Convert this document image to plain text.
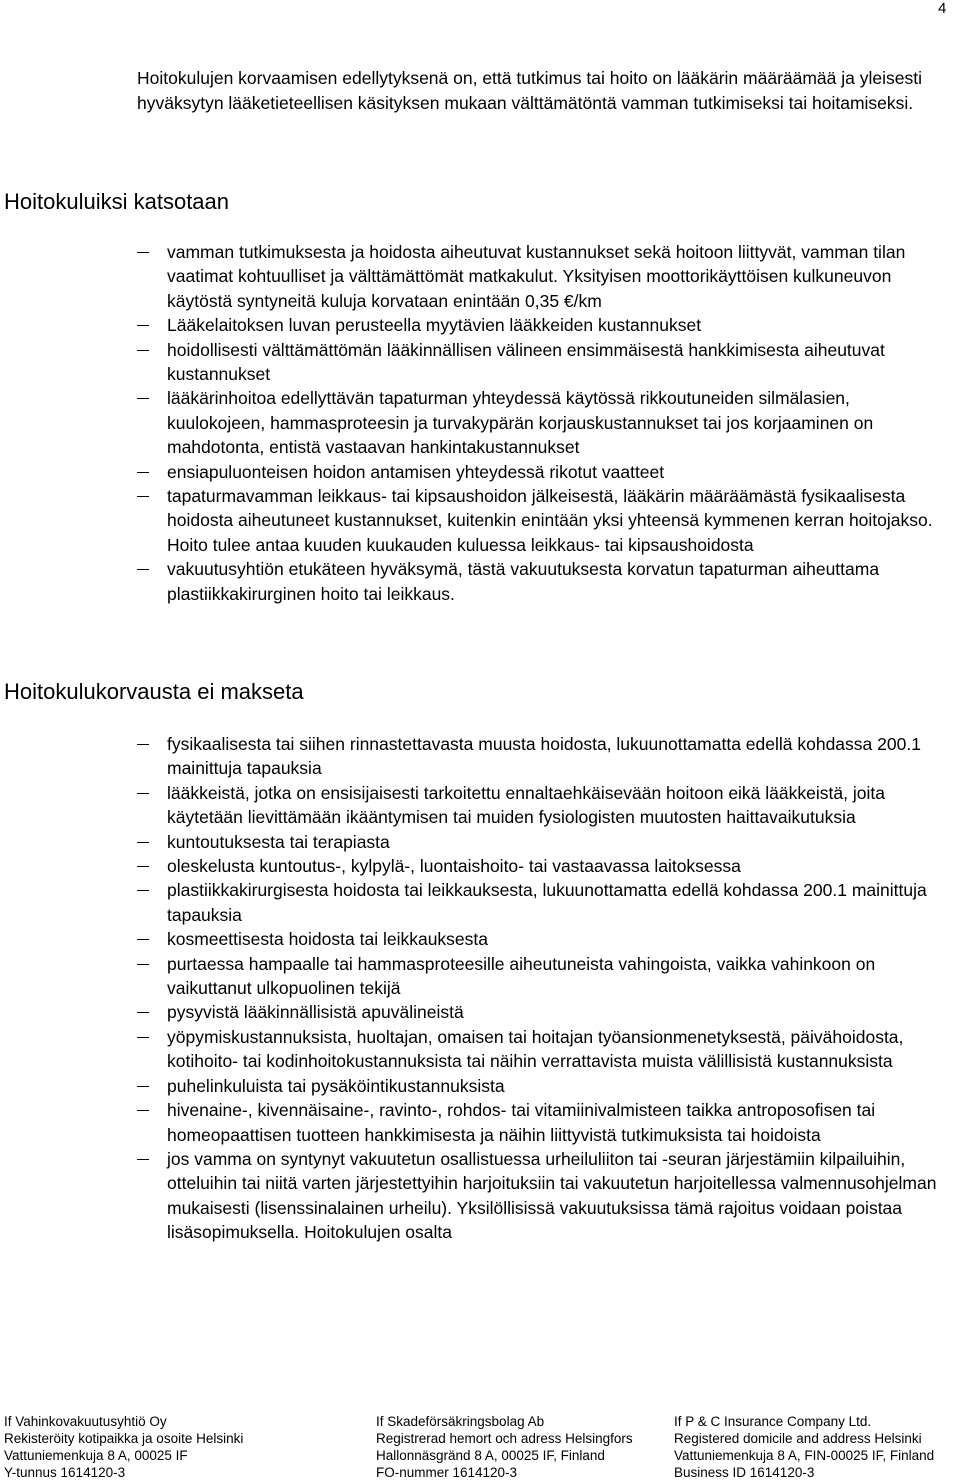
4

Hoitokulujen korvaamisen edellytyksenä on, että tutkimus tai hoito on lääkärin määräämää ja yleisesti hyväksytyn lääketieteellisen käsityksen mukaan välttämätöntä vamman tutkimiseksi tai hoitamiseksi.

Hoitokuluiksi katsotaan
vamman tutkimuksesta ja hoidosta aiheutuvat kustannukset sekä hoitoon liittyvät, vamman tilan vaatimat kohtuulliset ja välttämättömät matkakulut. Yksityisen moottorikäyttöisen kulkuneuvon käytöstä syntyneitä kuluja korvataan enintään 0,35 €/km
Lääkelaitoksen luvan perusteella myytävien lääkkeiden kustannukset
hoidollisesti välttämättömän lääkinnällisen välineen ensimmäisestä hankkimisesta aiheutuvat kustannukset
lääkärinhoitoa edellyttävän tapaturman yhteydessä käytössä rikkoutuneiden silmälasien, kuulokojeen, hammasproteesin ja turvakypärän korjauskustannukset tai jos korjaaminen on mahdotonta, entistä vastaavan hankintakustannukset
ensiapuluonteisen hoidon antamisen yhteydessä rikotut vaatteet
tapaturmavamman leikkaus- tai kipsaushoidon jälkeisestä, lääkärin määräämästä fysikaalisesta hoidosta aiheutuneet kustannukset, kuitenkin enintään yksi yhteensä kymmenen kerran hoitojakso. Hoito tulee antaa kuuden kuukauden kuluessa leikkaus- tai kipsaushoidosta
vakuutusyhtiön etukäteen hyväksymä, tästä vakuutuksesta korvatun tapaturman aiheuttama plastiikkakirurginen hoito tai leikkaus.
Hoitokulukorvausta ei makseta
fysikaalisesta tai siihen rinnastettavasta muusta hoidosta, lukuunottamatta edellä kohdassa 200.1 mainittuja tapauksia
lääkkeistä, jotka on ensisijaisesti tarkoitettu ennaltaehkäisevään hoitoon eikä lääkkeistä, joita käytetään lievittämään ikääntymisen tai muiden fysiologisten muutosten haittavaikutuksia
kuntoutuksesta tai terapiasta
oleskelusta kuntoutus-, kylpylä-, luontaishoito- tai vastaavassa laitoksessa
plastiikkakirurgisesta hoidosta tai leikkauksesta, lukuunottamatta edellä kohdassa 200.1 mainittuja tapauksia
kosmeettisesta hoidosta tai leikkauksesta
purtaessa hampaalle tai hammasproteesille aiheutuneista vahingoista, vaikka vahinkoon on vaikuttanut ulkopuolinen tekijä
pysyvistä lääkinnällisistä apuvälineistä
yöpymiskustannuksista, huoltajan, omaisen tai hoitajan työansionmenetyksestä, päivähoidosta, kotihoito- tai kodinhoitokustannuksista tai näihin verrattavista muista välillisistä kustannuksista
puhelinkuluista tai pysäköintikustannuksista
hivenaine-, kivennäisaine-, ravinto-, rohdos- tai vitamiinivalmisteen taikka antroposofisen tai homeopaattisen tuotteen hankkimisesta ja näihin liittyvistä tutkimuksista tai hoidoista
jos vamma on syntynyt vakuutetun osallistuessa urheiluliiton tai -seuran järjestämiin kilpailuihin, otteluihin tai niitä varten järjestettyihin harjoituksiin tai vakuutetun harjoitellessa valmennusohjelman mukaisesti (lisenssinalainen urheilu). Yksilöllisissä vakuutuksissa tämä rajoitus voidaan poistaa lisäsopimuksella. Hoitokulujen osalta
If Vahinkovakuutusyhtiö Oy
Rekisteröity kotipaikka ja osoite Helsinki
Vattuniemenkuja 8 A, 00025 IF
Y-tunnus 1614120-3
If Skadeförsäkringsbolag Ab
Registrerad hemort och adress Helsingfors
Hallonnäsgränd 8 A, 00025 IF, Finland
FO-nummer 1614120-3
If P & C Insurance Company Ltd.
Registered domicile and address Helsinki
Vattuniemenkuja 8 A, FIN-00025 IF, Finland
Business ID 1614120-3
